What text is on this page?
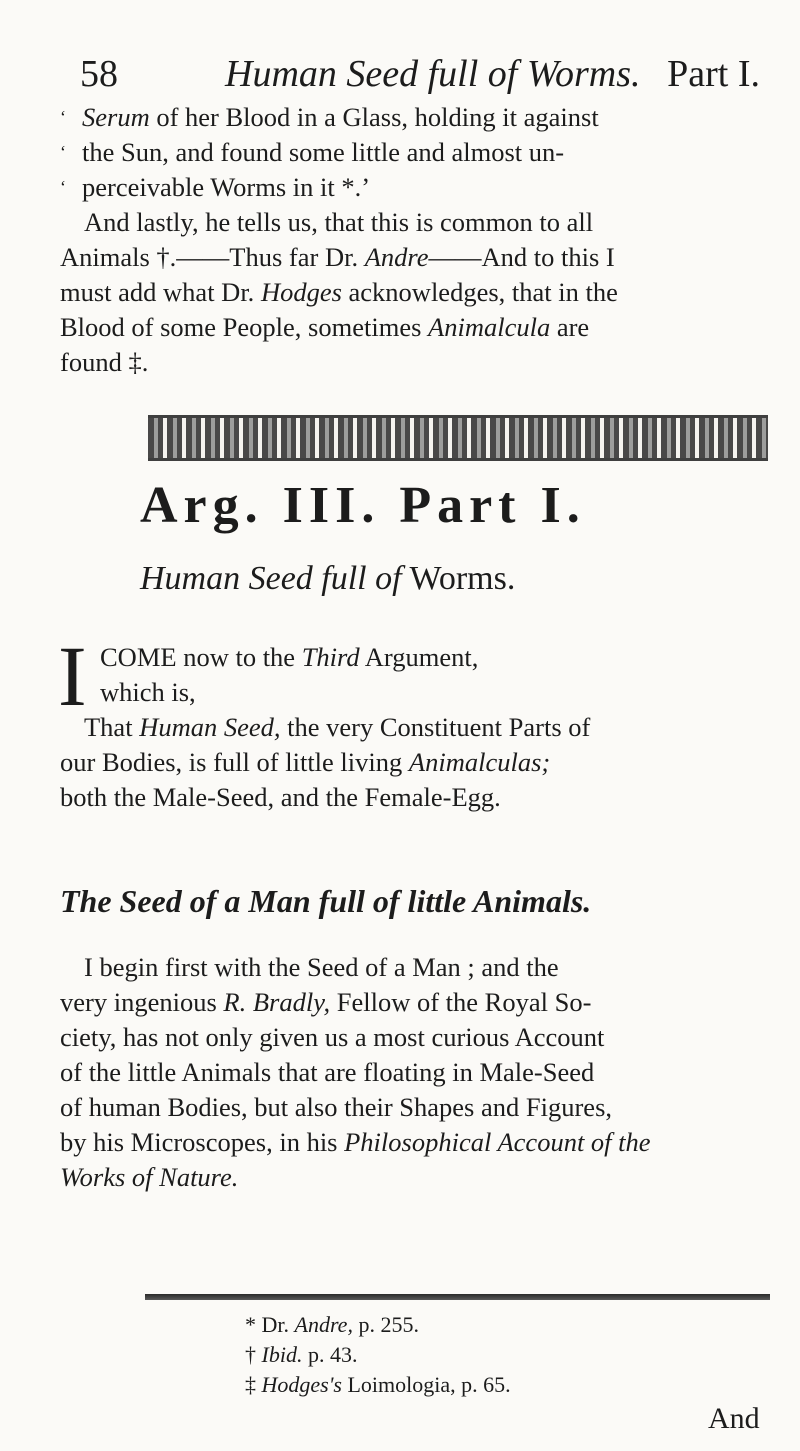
58	Human Seed full of Worms. Part I.
‘ Serum of her Blood in a Glass, holding it against
‘ the Sun, and found some little and almost un-
‘ perceivable Worms in it *.’
And lastly, he tells us, that this is common to all
Animals †.——Thus far Dr. Andre——And to this I
must add what Dr. Hodges acknowledges, that in the
Blood of some People, sometimes Animalcula are
found ‡.
Arg. III. Part I.
Human Seed full of Worms.
I COME now to the Third Argument,
which is,
That Human Seed, the very Constituent Parts of
our Bodies, is full of little living Animalculas;
both the Male-Seed, and the Female-Egg.
The Seed of a Man full of little Animals.
I begin first with the Seed of a Man ; and the
very ingenious R. Bradly, Fellow of the Royal So-
ciety, has not only given us a most curious Account
of the little Animals that are floating in Male-Seed
of human Bodies, but also their Shapes and Figures,
by his Microscopes, in his Philosophical Account of the
Works of Nature.
* Dr. Andre, p. 255.
† Ibid. p. 43.
‡ Hodges's Loimologia, p. 65.
And
